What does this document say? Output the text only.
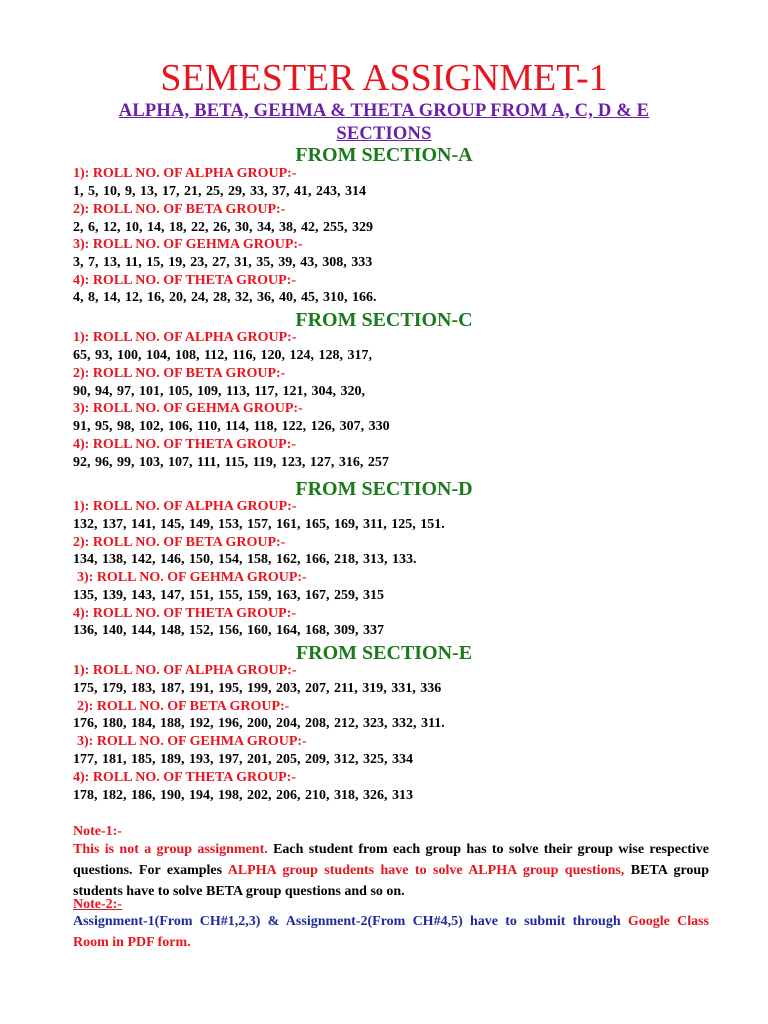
SEMESTER ASSIGNMET-1
ALPHA, BETA, GEHMA & THETA GROUP FROM A, C, D & E SECTIONS
FROM SECTION-A
1): ROLL NO. OF ALPHA GROUP:-
1, 5, 10, 9, 13, 17, 21, 25, 29, 33, 37, 41, 243, 314
2): ROLL NO. OF BETA GROUP:-
2, 6, 12, 10, 14, 18, 22, 26, 30, 34, 38, 42, 255, 329
3): ROLL NO. OF GEHMA GROUP:-
3, 7, 13, 11, 15, 19, 23, 27, 31, 35, 39, 43, 308, 333
4): ROLL NO. OF THETA GROUP:-
4, 8, 14, 12, 16, 20, 24, 28, 32, 36, 40, 45, 310, 166.
FROM SECTION-C
1): ROLL NO. OF ALPHA GROUP:-
65, 93, 100, 104, 108, 112, 116, 120, 124, 128, 317,
2): ROLL NO. OF BETA GROUP:-
90, 94, 97, 101, 105, 109, 113, 117, 121, 304, 320,
3): ROLL NO. OF GEHMA GROUP:-
91, 95, 98, 102, 106, 110, 114, 118, 122, 126, 307, 330
4): ROLL NO. OF THETA GROUP:-
92, 96, 99, 103, 107, 111, 115, 119, 123, 127, 316, 257
FROM SECTION-D
1): ROLL NO. OF ALPHA GROUP:-
132, 137, 141, 145, 149, 153, 157, 161, 165, 169, 311, 125, 151.
2): ROLL NO. OF BETA GROUP:-
134, 138, 142, 146, 150, 154, 158, 162, 166, 218, 313, 133.
3): ROLL NO. OF GEHMA GROUP:-
135, 139, 143, 147, 151, 155, 159, 163, 167, 259, 315
4): ROLL NO. OF THETA GROUP:-
136, 140, 144, 148, 152, 156, 160, 164, 168, 309, 337
FROM SECTION-E
1): ROLL NO. OF ALPHA GROUP:-
175, 179, 183, 187, 191, 195, 199, 203, 207, 211, 319, 331, 336
2): ROLL NO. OF BETA GROUP:-
176, 180, 184, 188, 192, 196, 200, 204, 208, 212, 323, 332, 311.
3): ROLL NO. OF GEHMA GROUP:-
177, 181, 185, 189, 193, 197, 201, 205, 209, 312, 325, 334
4): ROLL NO. OF THETA GROUP:-
178, 182, 186, 190, 194, 198, 202, 206, 210, 318, 326, 313
Note-1:-

This is not a group assignment. Each student from each group has to solve their group wise respective questions. For examples ALPHA group students have to solve ALPHA group questions, BETA group students have to solve BETA group questions and so on.

Note-2:-

Assignment-1(From CH#1,2,3) & Assignment-2(From CH#4,5) have to submit through Google Class Room in PDF form.
